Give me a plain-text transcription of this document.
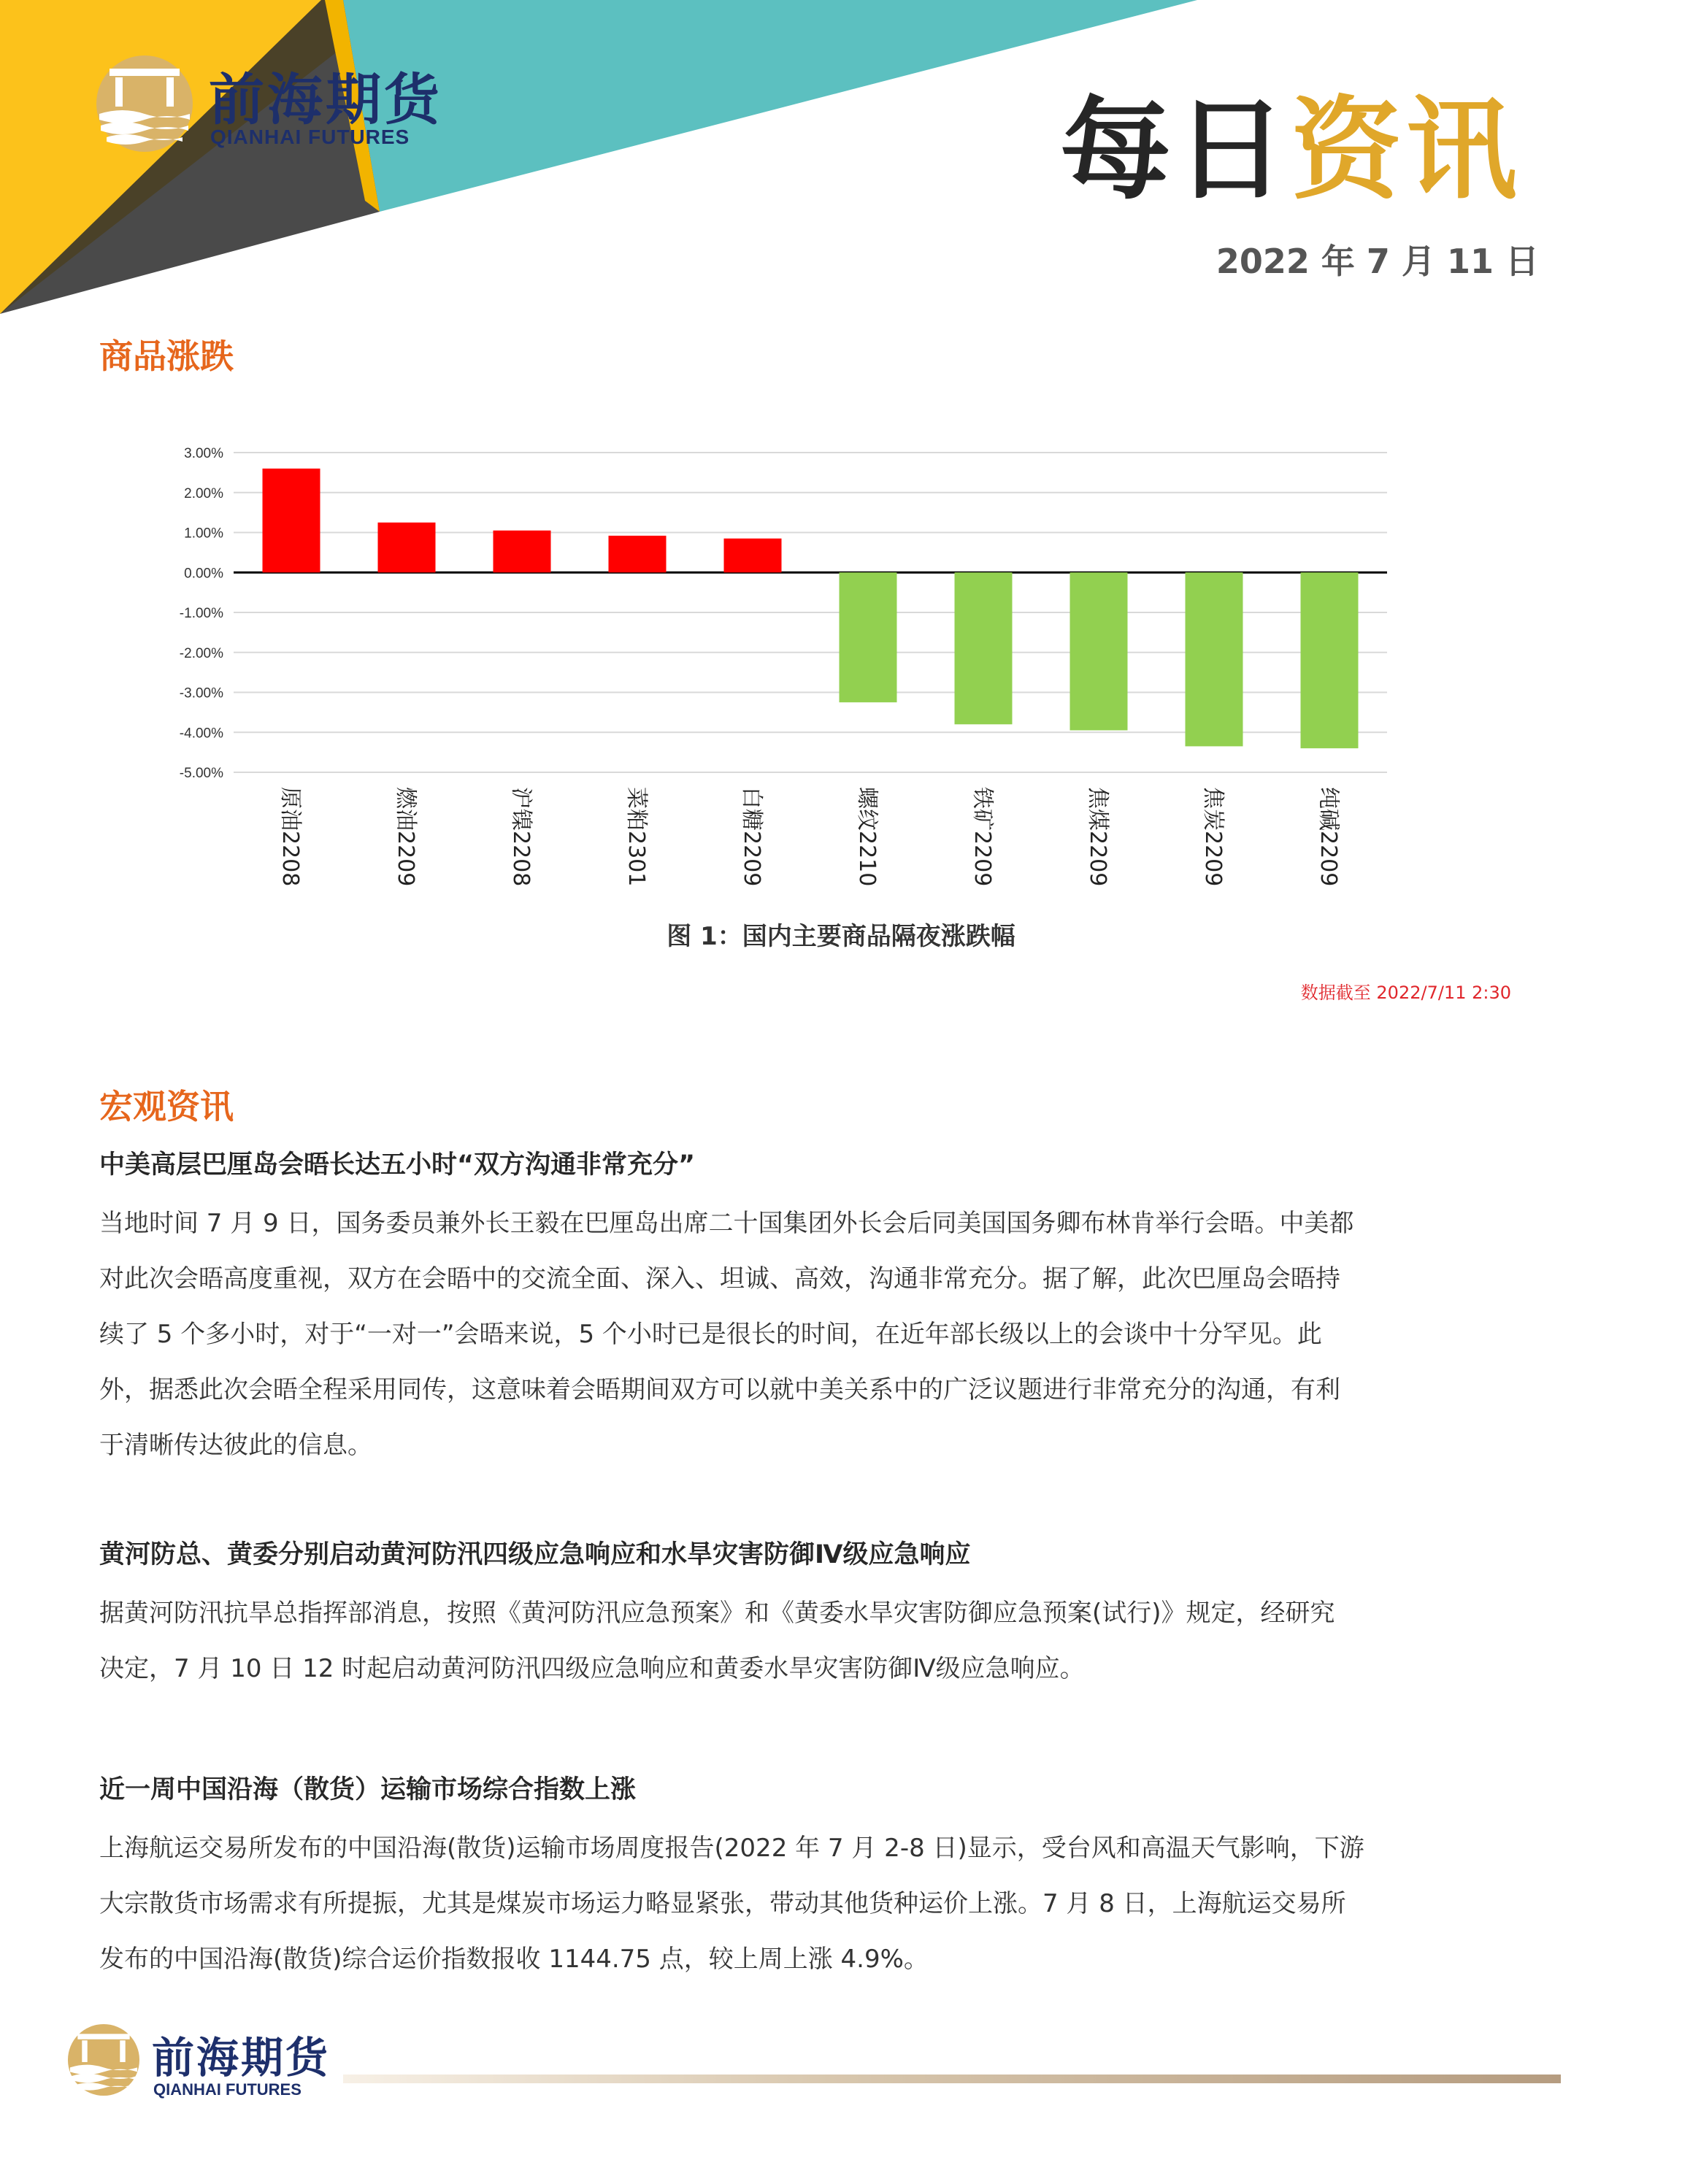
前海期货
QIANHAI FUTURES	每日资讯
2022 年 7 月 11 日
商品涨跌
3.00%
2.00%
1.00%
0.00%
-1.00%
-2.00%
-3.00%
-4.00%
-5.00%
原油2208	燃油2209	沪镍2208	菜粕2301	白糖2209	螺纹2210	铁矿2209	焦煤2209	焦炭2209	纯碱2209
图 1：国内主要商品隔夜涨跌幅
数据截至 2022/7/11 2:30
宏观资讯
中美高层巴厘岛会晤长达五小时“双方沟通非常充分”

当地时间 7 月 9 日，国务委员兼外长王毅在巴厘岛出席二十国集团外长会后同美国国务卿布林肯举行会晤。中美都
对此次会晤高度重视，双方在会晤中的交流全面、深入、坦诚、高效，沟通非常充分。据了解，此次巴厘岛会晤持
续了 5 个多小时，对于“一对一”会晤来说，5 个小时已是很长的时间，在近年部长级以上的会谈中十分罕见。此
外，据悉此次会晤全程采用同传，这意味着会晤期间双方可以就中美关系中的广泛议题进行非常充分的沟通，有利
于清晰传达彼此的信息。

黄河防总、黄委分别启动黄河防汛四级应急响应和水旱灾害防御Ⅳ级应急响应

据黄河防汛抗旱总指挥部消息，按照《黄河防汛应急预案》和《黄委水旱灾害防御应急预案(试行)》规定，经研究
决定，7 月 10 日 12 时起启动黄河防汛四级应急响应和黄委水旱灾害防御Ⅳ级应急响应。

近一周中国沿海（散货）运输市场综合指数上涨

上海航运交易所发布的中国沿海(散货)运输市场周度报告(2022 年 7 月 2-8 日)显示，受台风和高温天气影响，下游
大宗散货市场需求有所提振，尤其是煤炭市场运力略显紧张，带动其他货种运价上涨。7 月 8 日，上海航运交易所
发布的中国沿海(散货)综合运价指数报收 1144.75 点，较上周上涨 4.9%。

前海期货
QIANHAI FUTURES
